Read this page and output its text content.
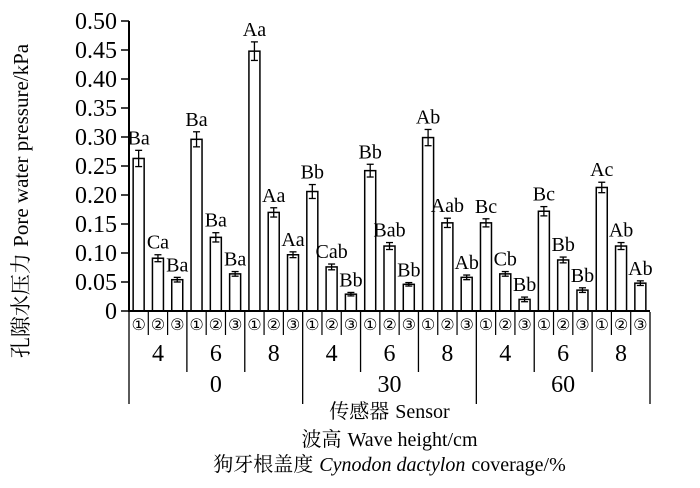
0
0.05
0.10
0.15
0.20
0.25
0.30
0.35
0.40
0.45
0.50
Ba
①
Ca
②
Ba
③
4
Ba
①
Ba
②
Ba
③
6
Aa
①
Aa
②
Aa
③
8
0
Bb
①
Cab
②
Bb
③
4
Bb
①
Bab
②
Bb
③
6
Ab
①
Aab
②
Ab
③
8
30
Bc
①
Cb
②
Bb
③
4
Bc
①
Bb
②
Bb
③
6
Ac
①
Ab
②
Ab
③
8
60
孔隙水压力Pore water pressure/kPa
传感器 Sensor
波高 Wave height/cm
狗牙根盖度 Cynodon dactylon coverage/%
